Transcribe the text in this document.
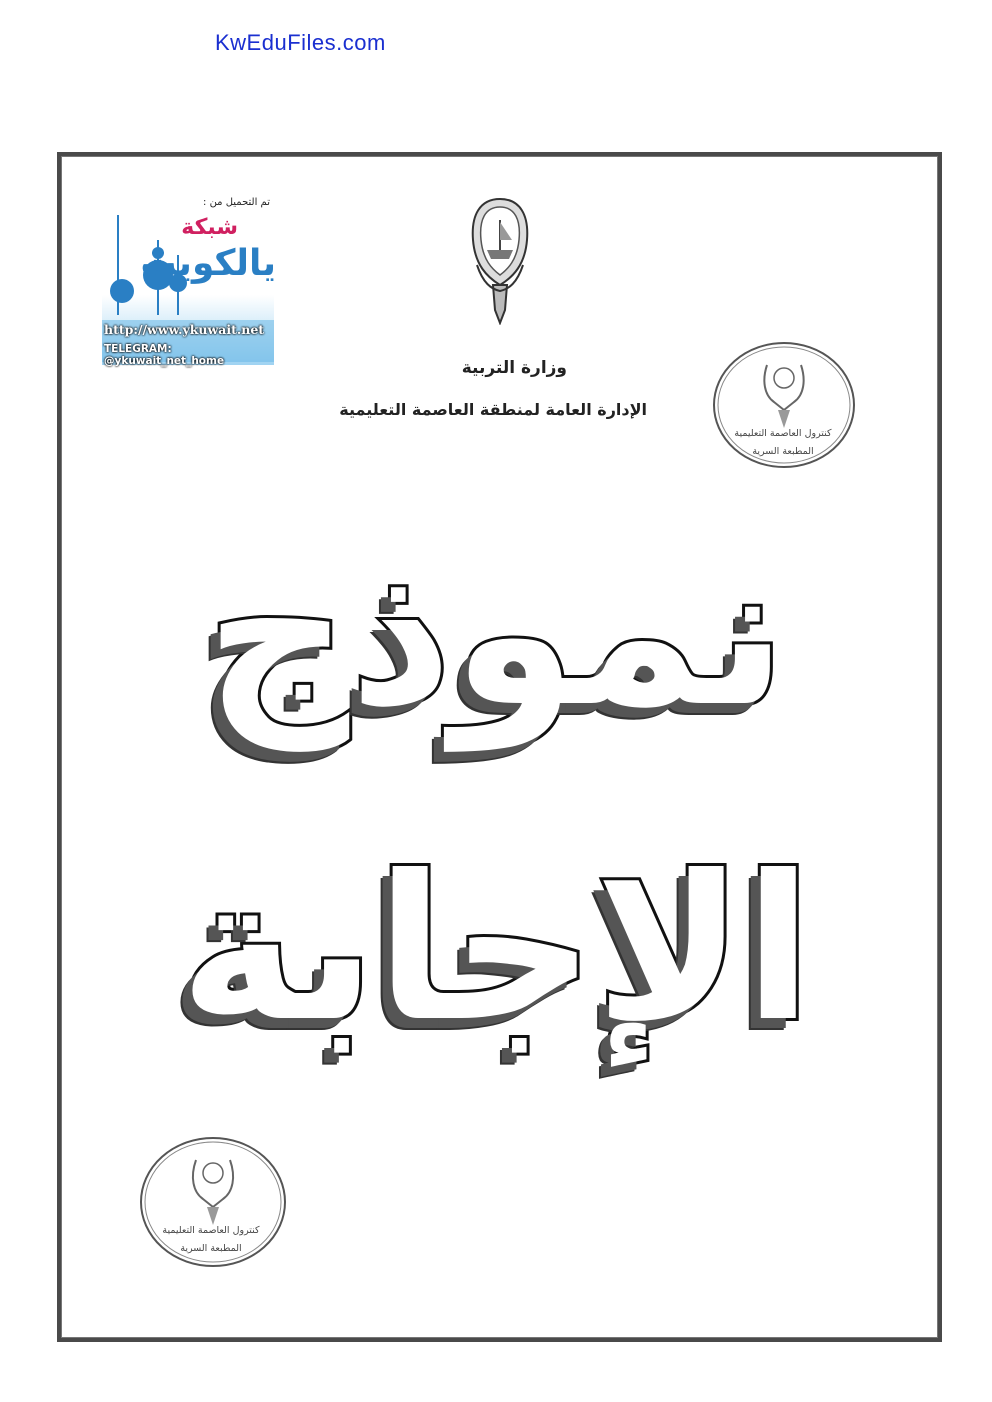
KwEduFiles.com
تم التحميل من :
شبكة
يالكويت
http://www.ykuwait.net
TELEGRAM: @ykuwait_net_home	وزارة التربية
الإدارة العامة لمنطقة العاصمة التعليمية
كنترول العاصمة التعليمية
المطبعة السرية
نموذج
الإجابة
كنترول العاصمة التعليمية
المطبعة السرية
